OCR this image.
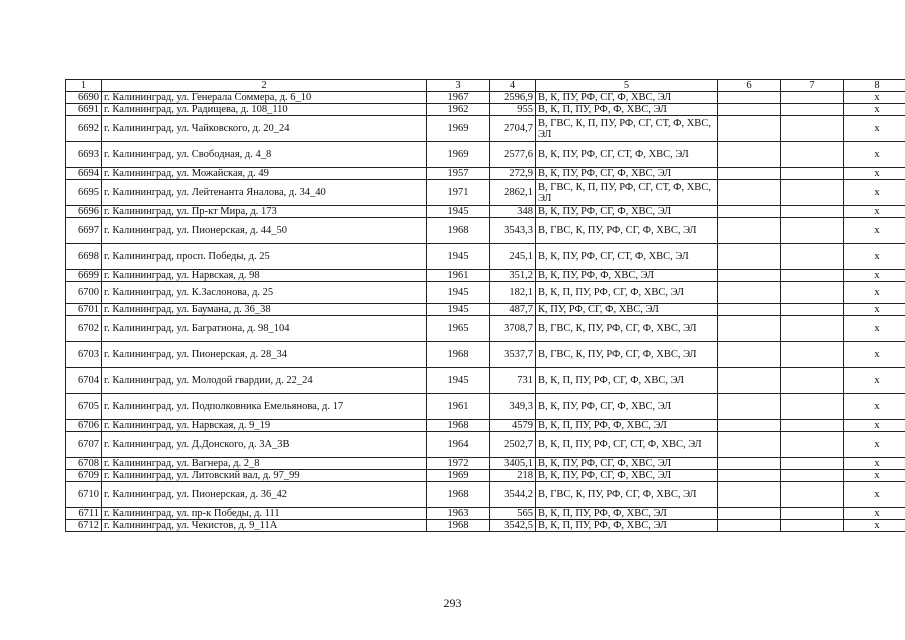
1	2	3	4	5	6	7	8
6690	г. Калининград, ул. Генерала Соммера, д. 6_10	1967	2596,9	В, К, ПУ, РФ, СГ, Ф, ХВС, ЭЛ			x
6691	г. Калининград, ул. Радищева, д. 108_110	1962	955	В, К, П, ПУ, РФ, Ф, ХВС, ЭЛ			x
6692	г. Калининград, ул. Чайковского, д. 20_24	1969	2704,7	В, ГВС, К, П, ПУ, РФ, СГ, СТ, Ф, ХВС, ЭЛ			x
6693	г. Калининград, ул. Свободная, д. 4_8	1969	2577,6	В, К, ПУ, РФ, СГ, СТ, Ф, ХВС, ЭЛ			x
6694	г. Калининград, ул. Можайская, д. 49	1957	272,9	В, К, ПУ, РФ, СГ, Ф, ХВС, ЭЛ			x
6695	г. Калининград, ул. Лейтенанта Яналова, д. 34_40	1971	2862,1	В, ГВС, К, П, ПУ, РФ, СГ, СТ, Ф, ХВС, ЭЛ			x
6696	г. Калининград, ул. Пр-кт Мира, д. 173	1945	348	В, К, ПУ, РФ, СГ, Ф, ХВС, ЭЛ			x
6697	г. Калининград, ул. Пионерская, д. 44_50	1968	3543,3	В, ГВС, К, ПУ, РФ, СГ, Ф, ХВС, ЭЛ			x
6698	г. Калининград, просп. Победы, д. 25	1945	245,1	В, К, ПУ, РФ, СГ, СТ, Ф, ХВС, ЭЛ			x
6699	г. Калининград, ул. Нарвская, д. 98	1961	351,2	В, К, ПУ, РФ, Ф, ХВС, ЭЛ			x
6700	г. Калининград, ул. К.Заслонова, д. 25	1945	182,1	В, К, П, ПУ, РФ, СГ, Ф, ХВС, ЭЛ			x
6701	г. Калининград, ул. Баумана, д. 36_38	1945	487,7	К, ПУ, РФ, СГ, Ф, ХВС, ЭЛ			x
6702	г. Калининград, ул. Багратиона, д. 98_104	1965	3708,7	В, ГВС, К, ПУ, РФ, СГ, Ф, ХВС, ЭЛ			x
6703	г. Калининград, ул. Пионерская, д. 28_34	1968	3537,7	В, ГВС, К, ПУ, РФ, СГ, Ф, ХВС, ЭЛ			x
6704	г. Калининград, ул. Молодой гвардии, д. 22_24	1945	731	В, К, П, ПУ, РФ, СГ, Ф, ХВС, ЭЛ			x
6705	г. Калининград, ул. Подполковника Емельянова, д. 17	1961	349,3	В, К, ПУ, РФ, СГ, Ф, ХВС, ЭЛ			x
6706	г. Калининград, ул. Нарвская, д. 9_19	1968	4579	В, К, П, ПУ, РФ, Ф, ХВС, ЭЛ			x
6707	г. Калининград, ул. Д.Донского, д. 3А_3В	1964	2502,7	В, К, П, ПУ, РФ, СГ, СТ, Ф, ХВС, ЭЛ			x
6708	г. Калининград, ул. Вагнера, д. 2_8	1972	3405,1	В, К, ПУ, РФ, СГ, Ф, ХВС, ЭЛ			x
6709	г. Калининград, ул. Литовский вал, д. 97_99	1969	218	В, К, ПУ, РФ, СГ, Ф, ХВС, ЭЛ			x
6710	г. Калининград, ул. Пионерская, д. 36_42	1968	3544,2	В, ГВС, К, ПУ, РФ, СГ, Ф, ХВС, ЭЛ			x
6711	г. Калининград, ул. пр-к Победы, д. 111	1963	565	В, К, П, ПУ, РФ, Ф, ХВС, ЭЛ			x
6712	г. Калининград, ул. Чекистов, д. 9_11А	1968	3542,5	В, К, П, ПУ, РФ, Ф, ХВС, ЭЛ			x
293
